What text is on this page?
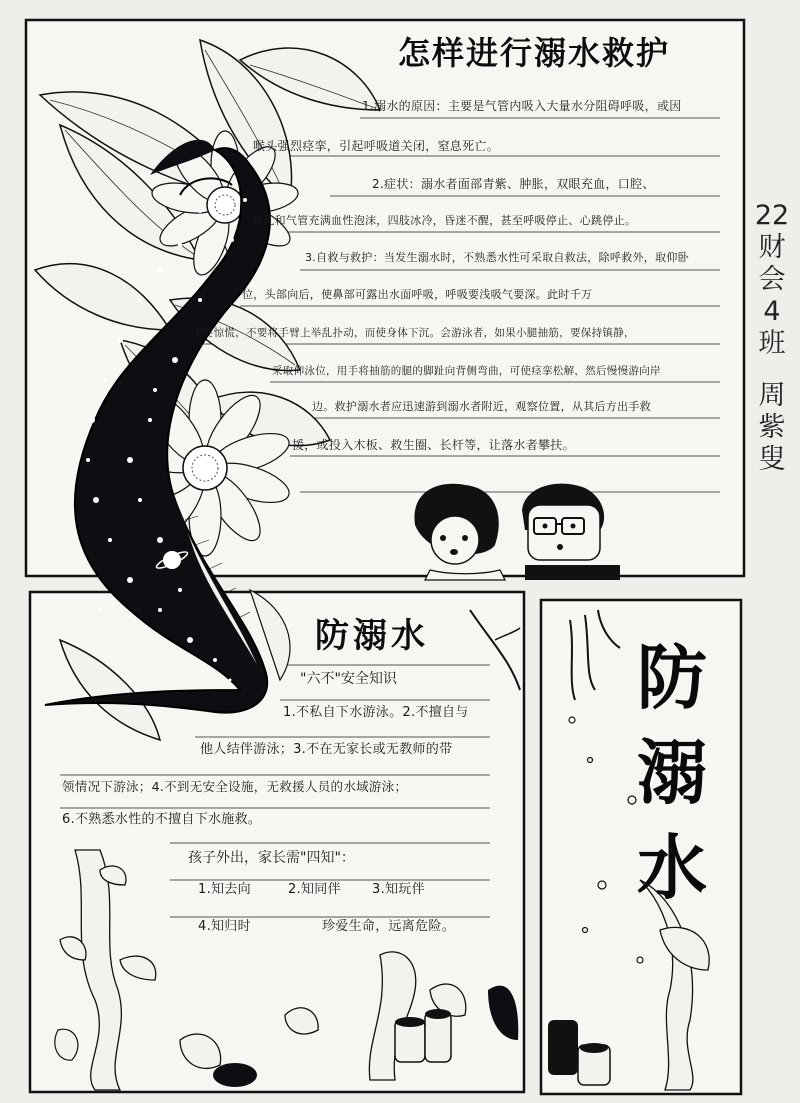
怎样进行溺水救护
1.溺水的原因：主要是气管内吸入大量水分阻碍呼吸，或因
喉头强烈痉挛，引起呼吸道关闭，窒息死亡。
2.症状：溺水者面部青紫、肿胀，双眼充血，口腔、
鼻孔和气管充满血性泡沫，四肢冰冷，昏迷不醒，甚至呼吸停止、心跳停止。
3.自救与救护：当发生溺水时，不熟悉水性可采取自救法，除呼救外，取仰卧
位，头部向后，使鼻部可露出水面呼吸，呼吸要浅吸气要深。此时千万
不要惊慌，不要将手臂上举乱扑动，而使身体下沉。会游泳者，如果小腿抽筋，要保持镇静，
采取仰泳位，用手将抽筋的腿的脚趾向背侧弯曲，可使痉挛松解，然后慢慢游向岸
边。救护溺水者应迅速游到溺水者附近，观察位置，从其后方出手救
援，或投入木板、救生圈、长杆等，让落水者攀扶。
22
财
会
4
班
周
紫
叟
防溺水
"六不"安全知识
1.不私自下水游泳。2.不擅自与
他人结伴游泳；3.不在无家长或无教师的带
领情况下游泳；4.不到无安全设施，无救援人员的水域游泳；
6.不熟悉水性的不擅自下水施救。
孩子外出，家长需"四知"：
1.知去向	2.知同伴 3.知玩伴
4.知归时	珍爱生命，远离危险。
防
溺
水
